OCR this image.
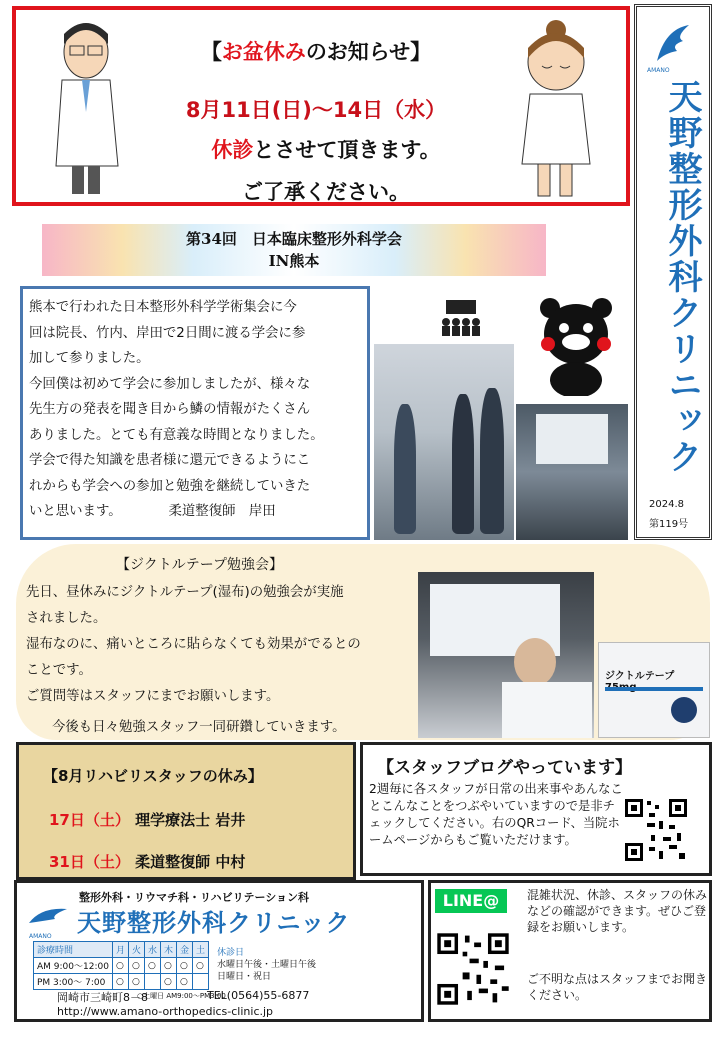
【お盆休みのお知らせ】
8月11日(日)～14日（水）
休診とさせて頂きます。
ご了承ください。
AMANO
天野整形外科クリニック
2024.8
第119号
第34回　日本臨床整形外科学会
IN熊本

熊本で行われた日本整形外科学学術集会に今

回は院長、竹内、岸田で2日間に渡る学会に参

加して参りました。

今回僕は初めて学会に参加しましたが、様々な

先生方の発表を聞き目から鱗の情報がたくさん

ありました。とても有意義な時間となりました。

学会で得た知識を患者様に還元できるようにこ

れからも学会への参加と勉強を継続していきた

いと思います。　　　　柔道整復師　岸田

【ジクトルテープ勉強会】
先日、昼休みにジクトルテープ(湿布)の勉強会が実施
されました。
湿布なのに、痛いところに貼らなくても効果がでるとの
ことです。
ご質問等はスタッフにまでお願いします。
今後も日々勉強スタッフ一同研鑽していきます。
ジクトルテープ
【8月リハビリスタッフの休み】
17日（土） 理学療法士 岩井
31日（土） 柔道整復師 中村
【スタッフブログやっています】
2週毎に各スタッフが日常の出来事やあんなことこんなことをつぶやいていますので是非チェックしてください。右のQRコード、当院ホームページからもご覧いただけます。
AMANO
整形外科・リウマチ科・リハビリテーション科
天野整形外科クリニック
診療時間	月	火	水	木	金	土
AM 9:00～12:00	○	○	○	○	○	○
PM 3:00～ 7:00	○	○		○	○	
○土曜日 AM9:00～PM3:00
休診日
水曜日午後・土曜日午後
日曜日・祝日
岡崎市三崎町8－8	TEL(0564)55-6877
http://www.amano-orthopedics-clinic.jp
LINE@	混雑状況、休診、スタッフの休みなどの確認ができます。ぜひご登録をお願いします。
ご不明な点はスタッフまでお聞きください。
